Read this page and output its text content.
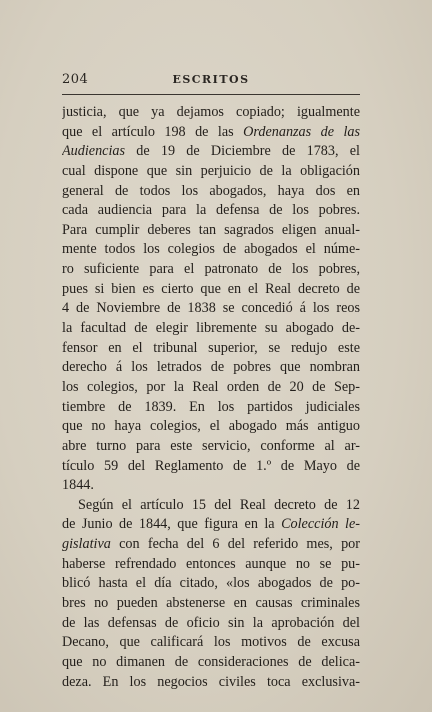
204	ESCRITOS
justicia, que ya dejamos copiado; igualmente
que el artículo 198 de las Ordenanzas de las
Audiencias de 19 de Diciembre de 1783, el
cual dispone que sin perjuicio de la obligación
general de todos los abogados, haya dos en
cada audiencia para la defensa de los pobres.
Para cumplir deberes tan sagrados eligen anual-
mente todos los colegios de abogados el núme-
ro suficiente para el patronato de los pobres,
pues si bien es cierto que en el Real decreto de
4 de Noviembre de 1838 se concedió á los reos
la facultad de elegir libremente su abogado de-
fensor en el tribunal superior, se redujo este
derecho á los letrados de pobres que nombran
los colegios, por la Real orden de 20 de Sep-
tiembre de 1839. En los partidos judiciales
que no haya colegios, el abogado más antiguo
abre turno para este servicio, conforme al ar-
tículo 59 del Reglamento de 1.º de Mayo de
1844.
Según el artículo 15 del Real decreto de 12
de Junio de 1844, que figura en la Colección le-
gislativa con fecha del 6 del referido mes, por
haberse refrendado entonces aunque no se pu-
blicó hasta el día citado, «los abogados de po-
bres no pueden abstenerse en causas criminales
de las defensas de oficio sin la aprobación del
Decano, que calificará los motivos de excusa
que no dimanen de consideraciones de delica-
deza. En los negocios civiles toca exclusiva-
